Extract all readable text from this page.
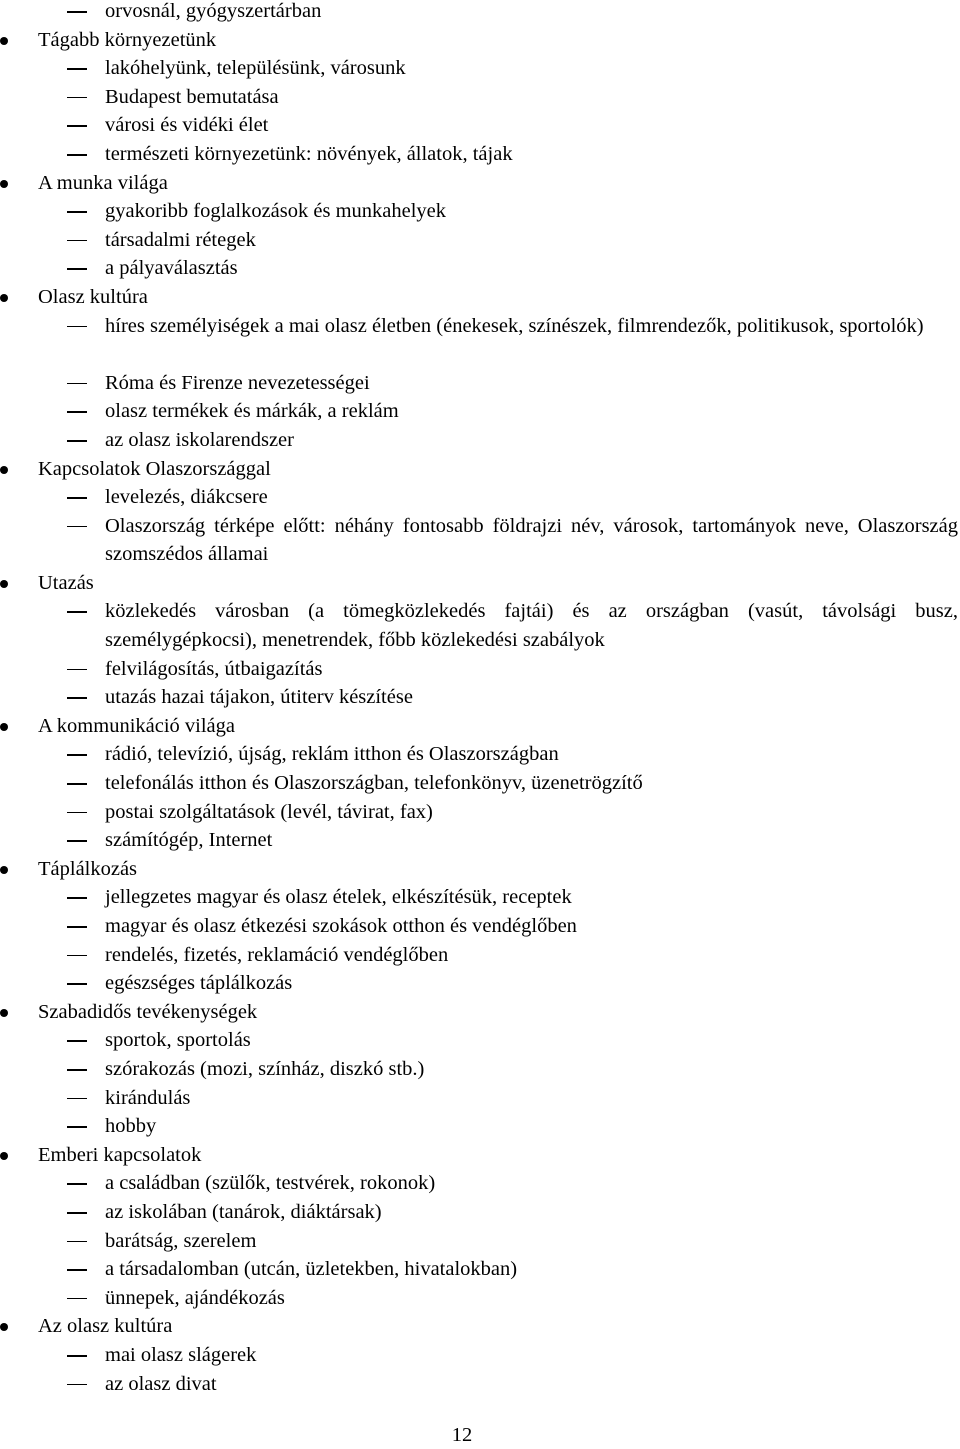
orvosnál, gyógyszertárban
Tágabb környezetünk
lakóhelyünk, településünk, városunk
Budapest bemutatása
városi és vidéki élet
természeti környezetünk: növények, állatok, tájak
A munka világa
gyakoribb foglalkozások és munkahelyek
társadalmi rétegek
a pályaválasztás
Olasz kultúra
híres személyiségek a mai olasz életben (énekesek, színészek, filmrendezők, politikusok, sportolók)
Róma és Firenze nevezetességei
olasz termékek és márkák, a reklám
az olasz iskolarendszer
Kapcsolatok Olaszországgal
levelezés, diákcsere
Olaszország térképe előtt: néhány fontosabb földrajzi név, városok, tartományok neve, Olaszország szomszédos államai
Utazás
közlekedés városban (a tömegközlekedés fajtái) és az országban (vasút, távolsági busz, személygépkocsi), menetrendek, főbb közlekedési szabályok
felvilágosítás, útbaigazítás
utazás hazai tájakon, útiterv készítése
A kommunikáció világa
rádió, televízió, újság, reklám itthon és Olaszországban
telefonálás itthon és Olaszországban, telefonkönyv, üzenetrögzítő
postai szolgáltatások (levél, távirat, fax)
számítógép, Internet
Táplálkozás
jellegzetes magyar és olasz ételek, elkészítésük, receptek
magyar és olasz étkezési szokások otthon és vendéglőben
rendelés, fizetés, reklamáció vendéglőben
egészséges táplálkozás
Szabadidős tevékenységek
sportok, sportolás
szórakozás (mozi, színház, diszkó stb.)
kirándulás
hobby
Emberi kapcsolatok
a családban (szülők, testvérek, rokonok)
az iskolában (tanárok, diáktársak)
barátság, szerelem
a társadalomban (utcán, üzletekben, hivatalokban)
ünnepek, ajándékozás
Az olasz kultúra
mai olasz slágerek
az olasz divat
12
